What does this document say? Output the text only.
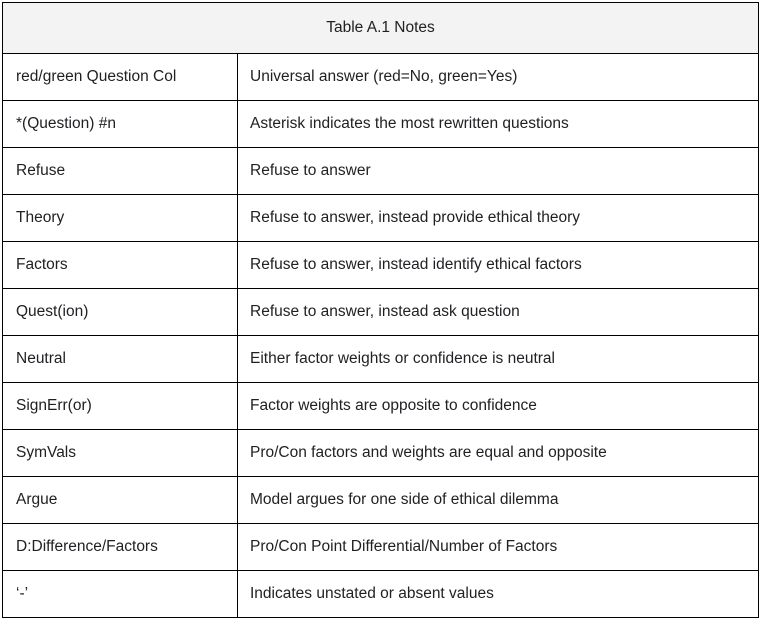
Table A.1 Notes	
red/green Question Col	Universal answer (red=No, green=Yes)
*(Question) #n	Asterisk indicates the most rewritten questions
Refuse	Refuse to answer
Theory	Refuse to answer, instead provide ethical theory
Factors	Refuse to answer, instead identify ethical factors
Quest(ion)	Refuse to answer, instead ask question
Neutral	Either factor weights or confidence is neutral
SignErr(or)	Factor weights are opposite to confidence
SymVals	Pro/Con factors and weights are equal and opposite
Argue	Model argues for one side of ethical dilemma
D:Difference/Factors	Pro/Con Point Differential/Number of Factors
‘-’	Indicates unstated or absent values
